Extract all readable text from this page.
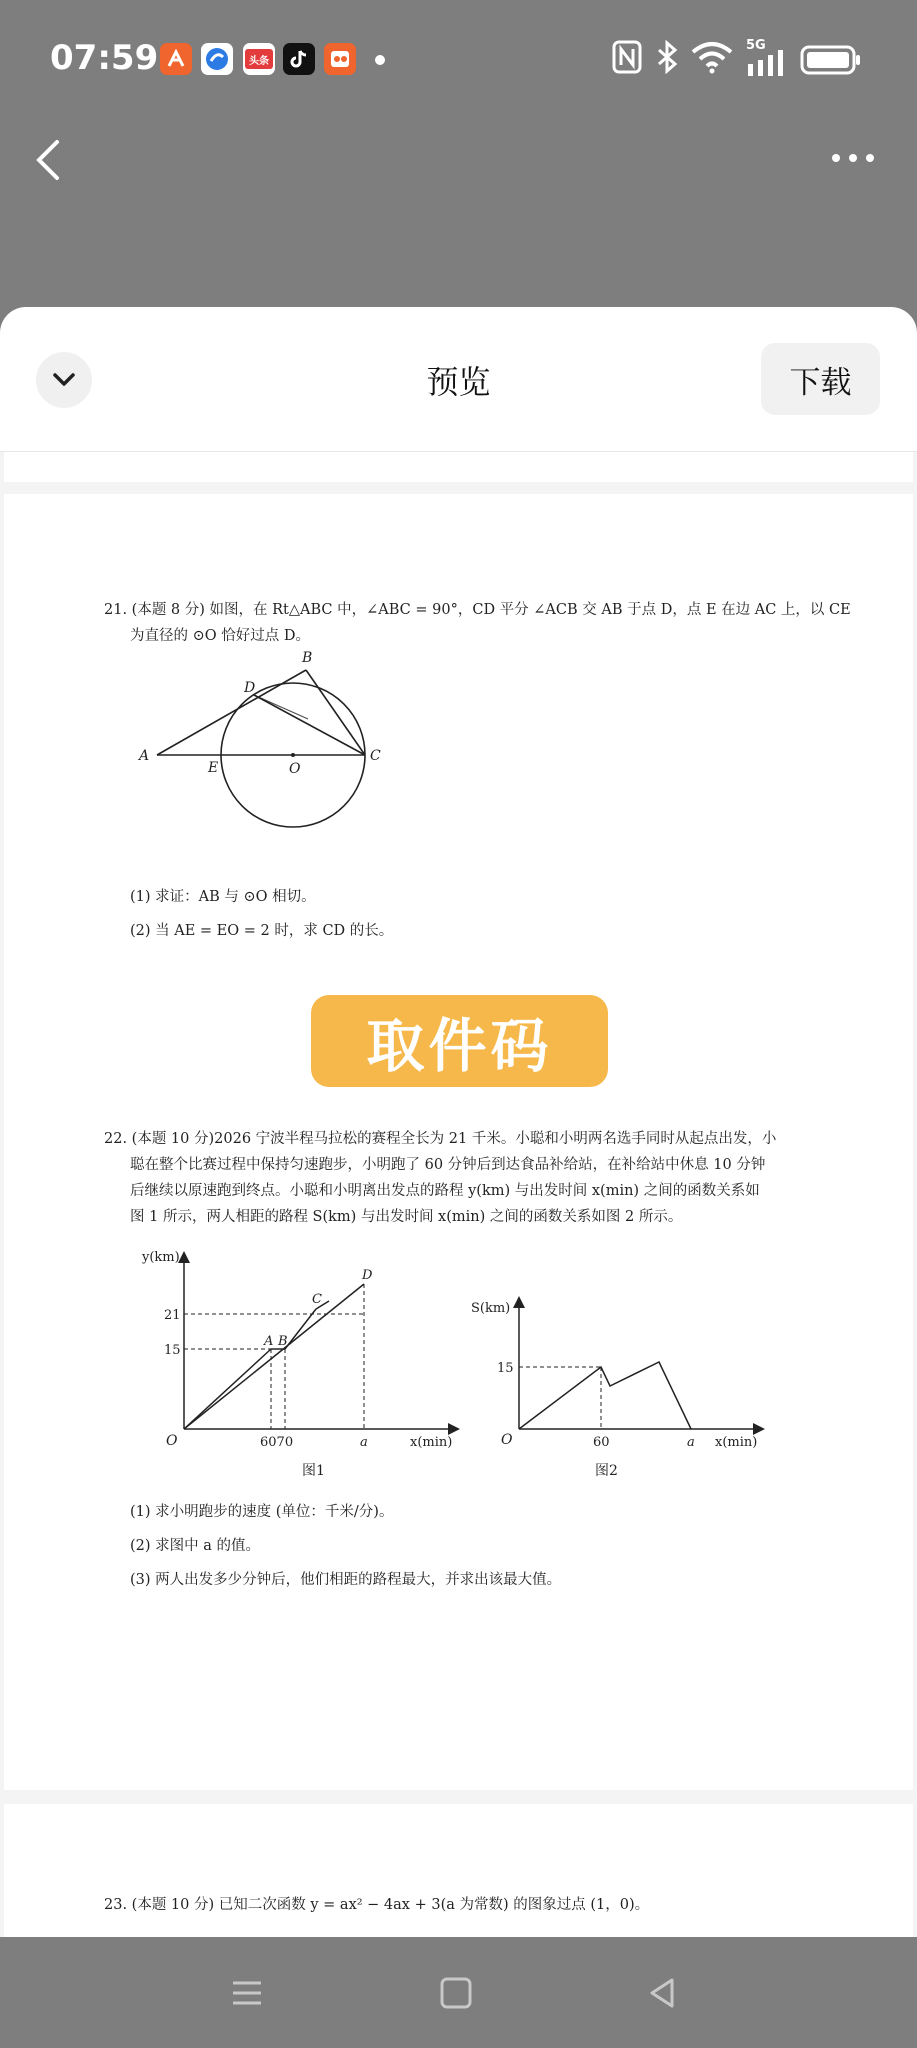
07:59	头条
5G
预览	下载
21. (本题 8 分) 如图，在 Rt△ABC 中，∠ABC = 90°，CD 平分 ∠ACB 交 AB 于点 D，点 E 在边 AC 上，以 CE
为直径的 ⊙O 恰好过点 D。
A
B
C
D
E	O
(1) 求证：AB 与 ⊙O 相切。
(2) 当 AE = EO = 2 时，求 CD 的长。
取件码
22. (本题 10 分)2026 宁波半程马拉松的赛程全长为 21 千米。小聪和小明两名选手同时从起点出发，小
聪在整个比赛过程中保持匀速跑步，小明跑了 60 分钟后到达食品补给站，在补给站中休息 10 分钟
后继续以原速跑到终点。小聪和小明离出发点的路程 y(km) 与出发时间 x(min) 之间的函数关系如
图 1 所示，两人相距的路程 S(km) 与出发时间 x(min) 之间的函数关系如图 2 所示。
y(km)
21
15
O	6070	a	x(min)
A B
C
D
图1
S(km)
15
O	60	a x(min)
图2
(1) 求小明跑步的速度 (单位：千米/分)。
(2) 求图中 a 的值。
(3) 两人出发多少分钟后，他们相距的路程最大，并求出该最大值。
23. (本题 10 分) 已知二次函数 y = ax² − 4ax + 3(a 为常数) 的图象过点 (1，0)。
